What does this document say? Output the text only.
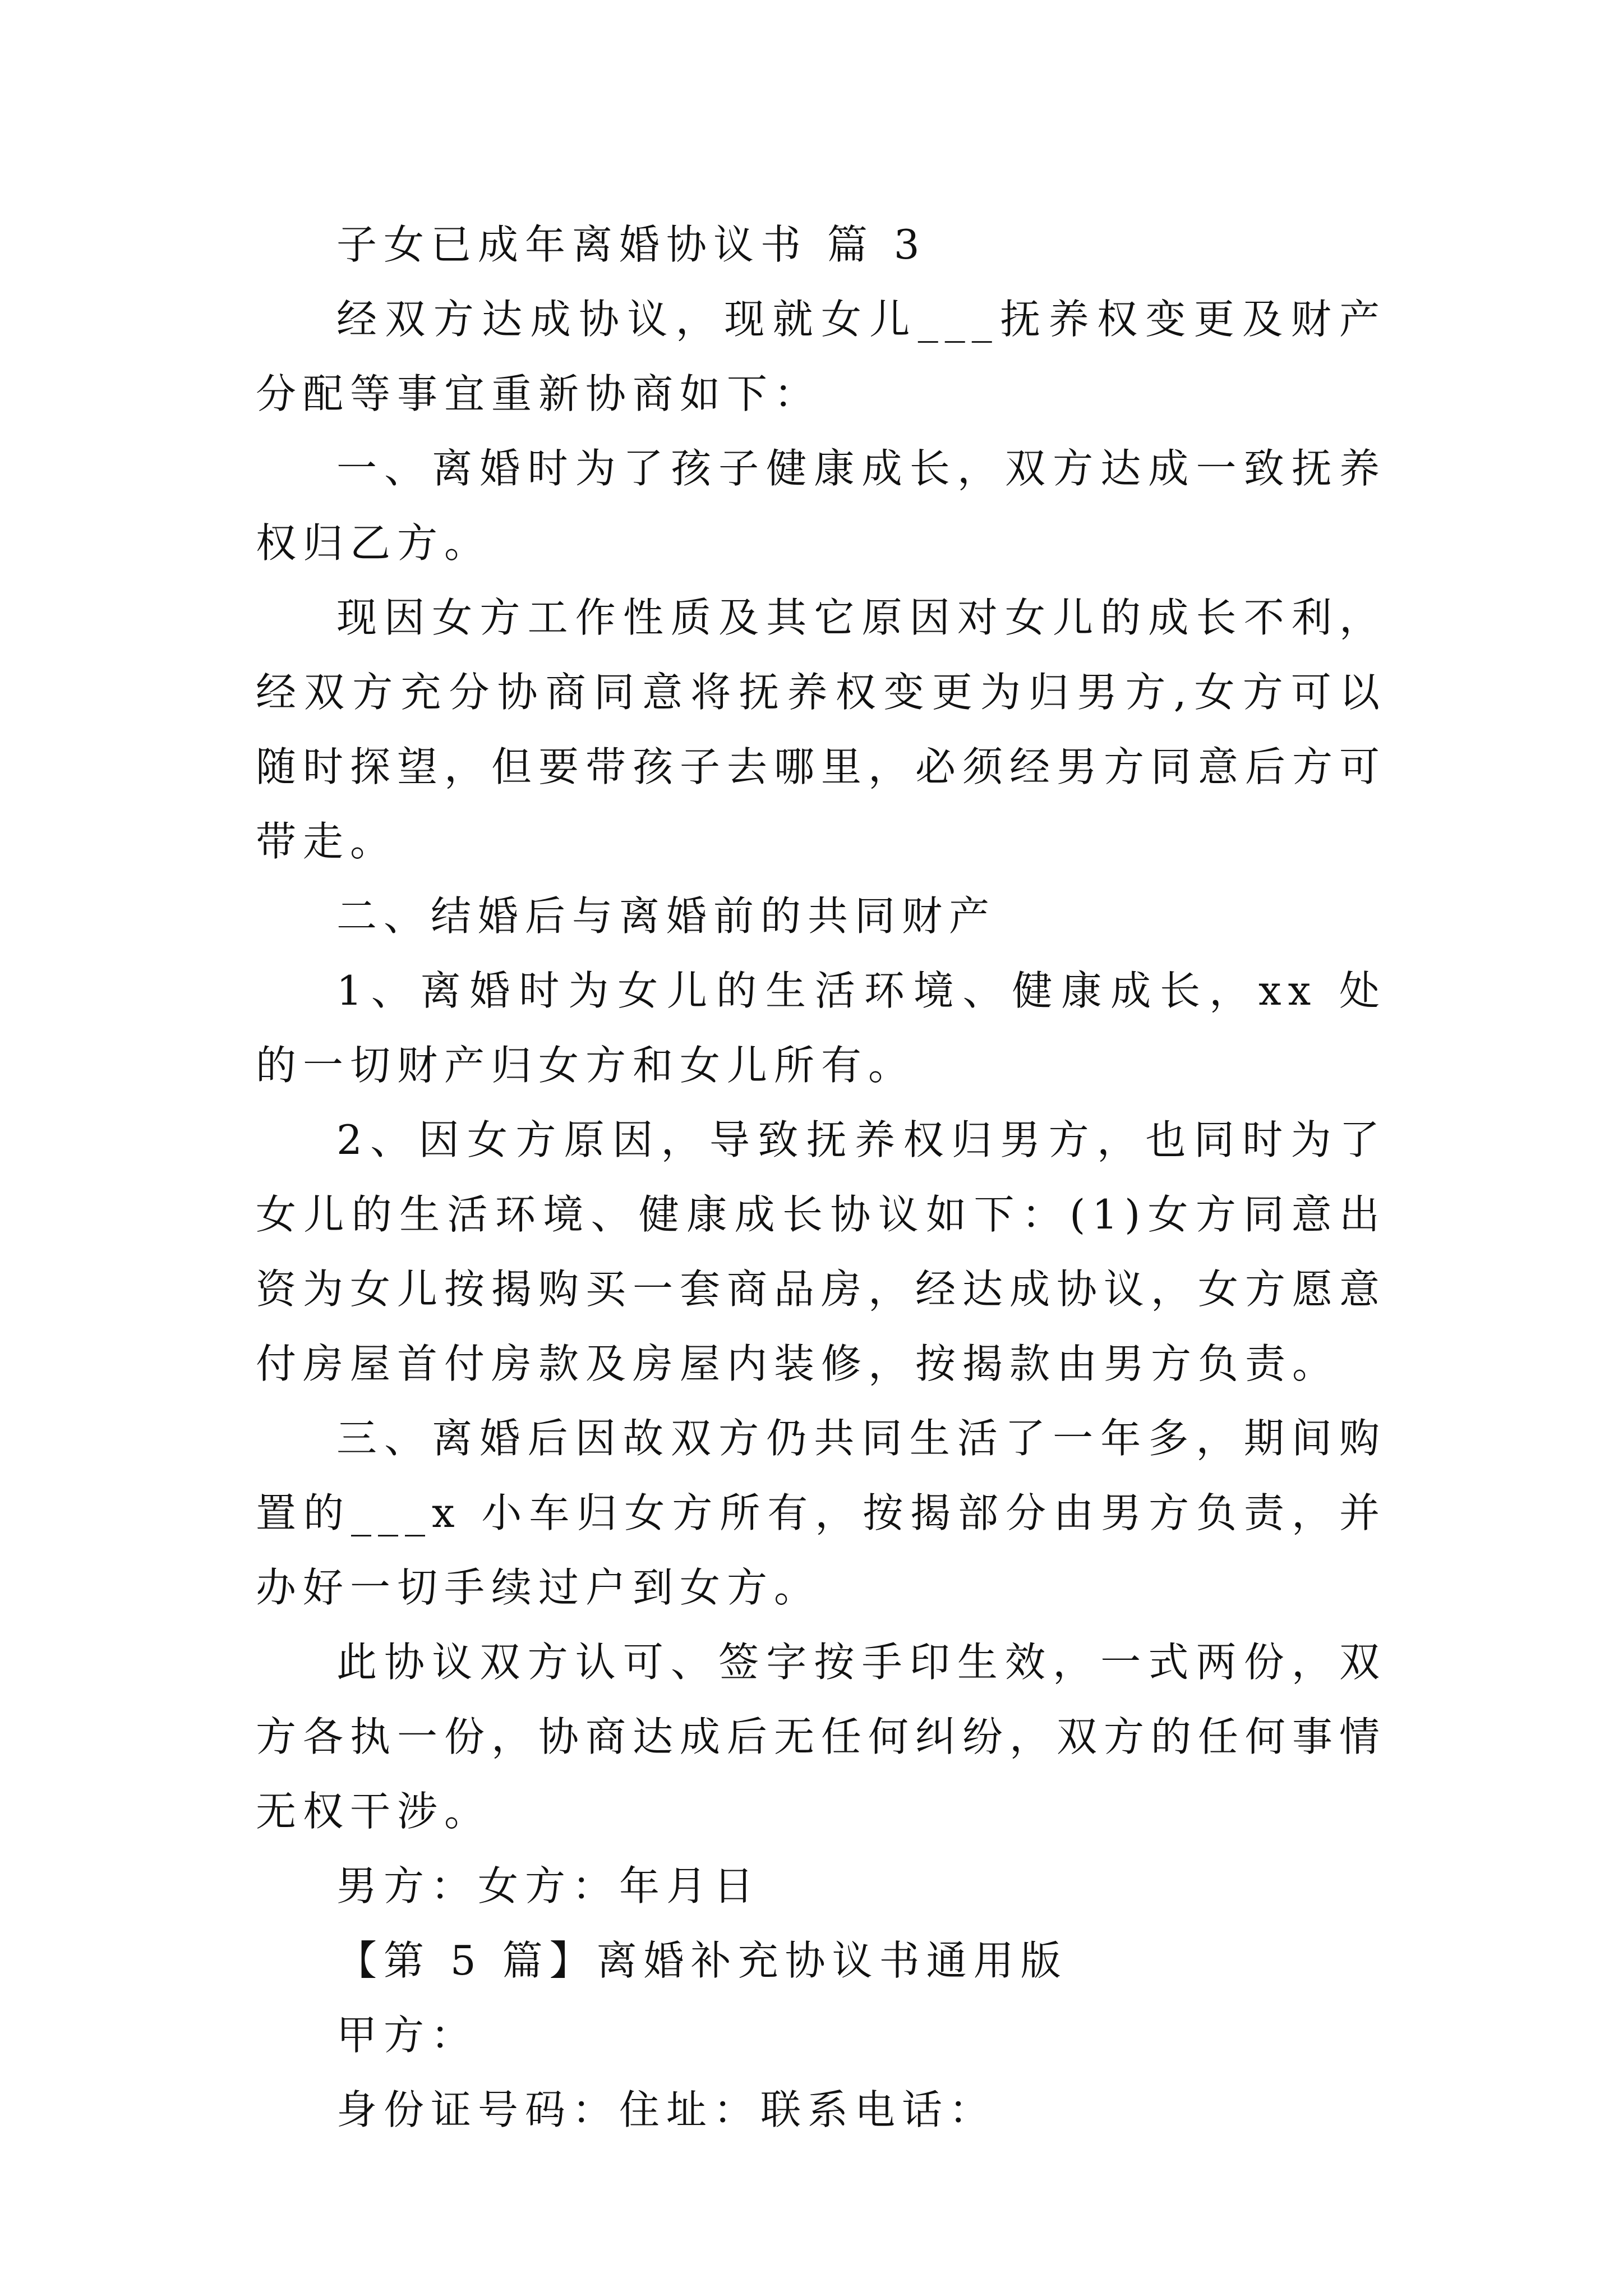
子女已成年离婚协议书 篇 3

经双方达成协议，现就女儿___抚养权变更及财产分配等事宜重新协商如下：

一、离婚时为了孩子健康成长，双方达成一致抚养权归乙方。

现因女方工作性质及其它原因对女儿的成长不利，经双方充分协商同意将抚养权变更为归男方,女方可以随时探望，但要带孩子去哪里，必须经男方同意后方可带走。

二、结婚后与离婚前的共同财产

1、离婚时为女儿的生活环境、健康成长，xx 处的一切财产归女方和女儿所有。

2、因女方原因，导致抚养权归男方，也同时为了女儿的生活环境、健康成长协议如下：(1)女方同意出资为女儿按揭购买一套商品房，经达成协议，女方愿意付房屋首付房款及房屋内装修，按揭款由男方负责。

三、离婚后因故双方仍共同生活了一年多，期间购置的___x 小车归女方所有，按揭部分由男方负责，并办好一切手续过户到女方。

此协议双方认可、签字按手印生效，一式两份，双方各执一份，协商达成后无任何纠纷，双方的任何事情无权干涉。

男方：女方：年月日

【第 5 篇】离婚补充协议书通用版

甲方：

身份证号码：住址：联系电话：
